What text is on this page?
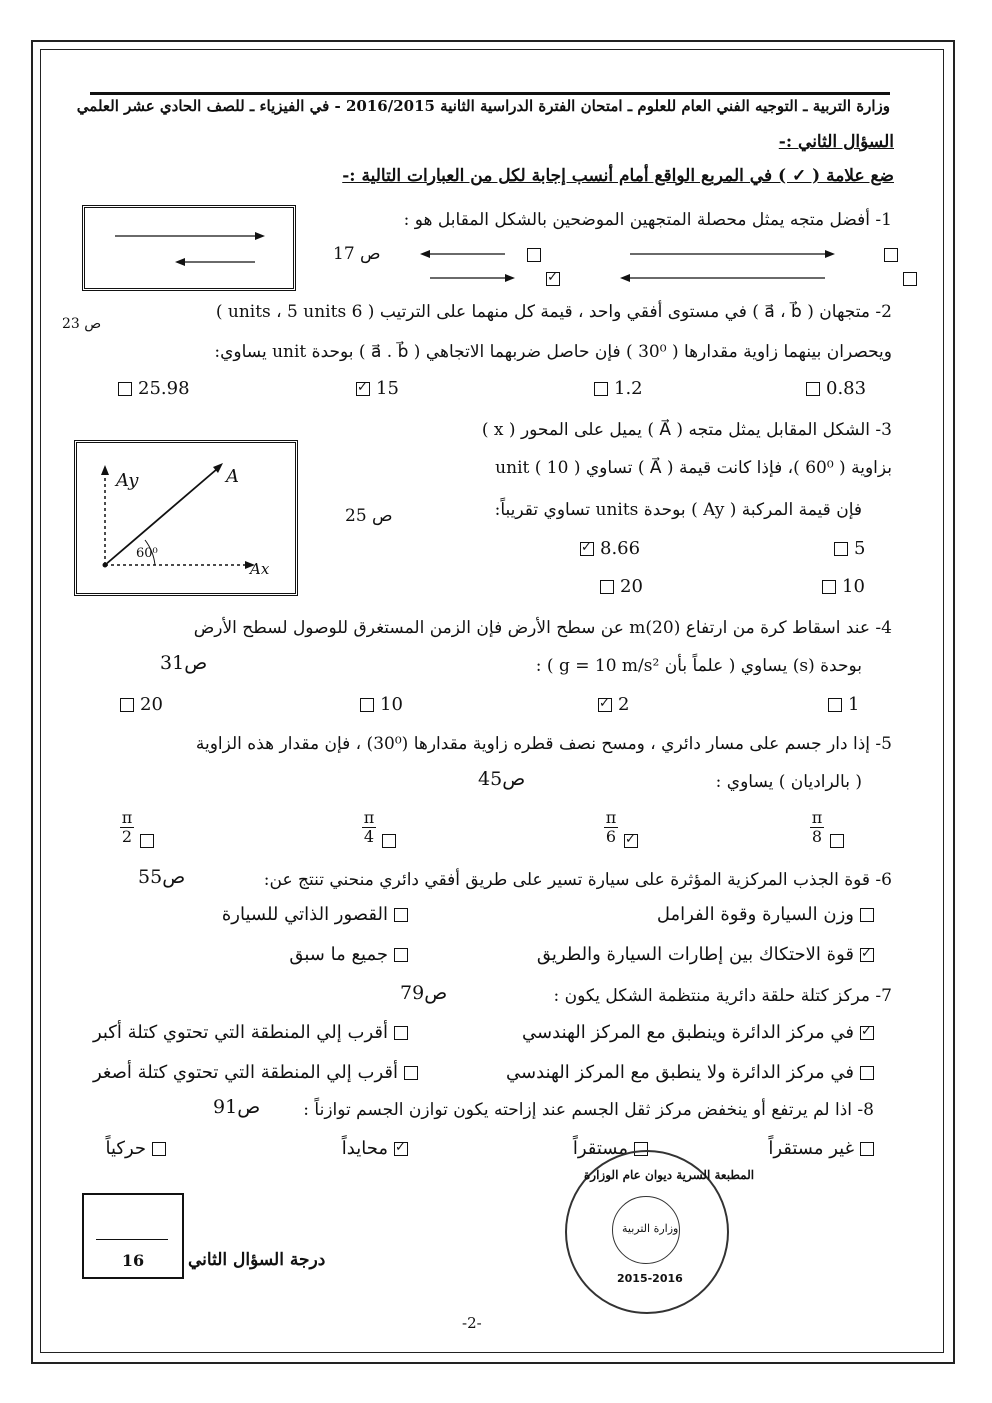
وزارة التربية ـ التوجيه الفني العام للعلوم ـ امتحان الفترة الدراسية الثانية 2016/2015 - في الفيزياء ـ للصف الحادي عشر العلمي
السؤال الثاني :-
ضع علامة ( ✓ ) في المربع الواقع أمام أنسب إجابة لكل من العبارات التالية :-
1- أفضل متجه يمثل محصلة المتجهين الموضحين بالشكل المقابل هو :
ص 17
✓
2- متجهان ( a⃗ ، b⃗ ) في مستوى أفقي واحد ، قيمة كل منهما على الترتيب ( 6 units ، 5 units )
ص 23
ويحصران بينهما زاوية مقدارها ( 30⁰ ) فإن حاصل ضربهما الاتجاهي ( a⃗ . b⃗ ) بوحدة unit يساوي:
0.83
1.2
✓
15
25.98
Ay	A
Ax
60⁰
3- الشكل المقابل يمثل متجه ( A⃗ ) يميل على المحور ( x )
بزاوية ( 60⁰ )، فإذا كانت قيمة ( A⃗ ) تساوي unit ( 10 )
فإن قيمة المركبة ( Ay ) بوحدة units تساوي تقريباً:
ص 25
5
✓
8.66
10
20
4- عند اسقاط كرة من ارتفاع (20)m عن سطح الأرض فإن الزمن المستغرق للوصول لسطح الأرض
بوحدة (s) يساوي ( علماً بأن g = 10 m/s² ) :
ص31
1
✓
2
10
20
5- إذا دار جسم على مسار دائري ، ومسح نصف قطره زاوية مقدارها (30⁰) ، فإن مقدار هذه الزاوية
( بالراديان ) يساوي :
ص45
$\frac{\pi}{8}$
$\frac{\pi}{6}$
✓
$\frac{\pi}{4}$
$\frac{\pi}{2}$
6- قوة الجذب المركزية المؤثرة على سيارة تسير على طريق أفقي دائري منحني تنتج عن:
ص55
وزن السيارة وقوة الفرامل
القصور الذاتي للسيارة
✓
قوة الاحتكاك بين إطارات السيارة والطريق
جميع ما سبق
7- مركز كتلة حلقة دائرية منتظمة الشكل يكون :
ص79
✓
في مركز الدائرة وينطبق مع المركز الهندسي
أقرب إلي المنطقة التي تحتوي كتلة أكبر
في مركز الدائرة ولا ينطبق مع المركز الهندسي
أقرب إلي المنطقة التي تحتوي كتلة أصغر
8- اذا لم يرتفع أو ينخفض مركز ثقل الجسم عند إزاحته يكون توازن الجسم توازناً :
ص91
غير مستقراً
مستقراً
✓
محايداً
حركياً
16	درجة السؤال الثاني
المطبعة السرية ديوان عام الوزارة
وزارة التربية
2015-2016
-2-
